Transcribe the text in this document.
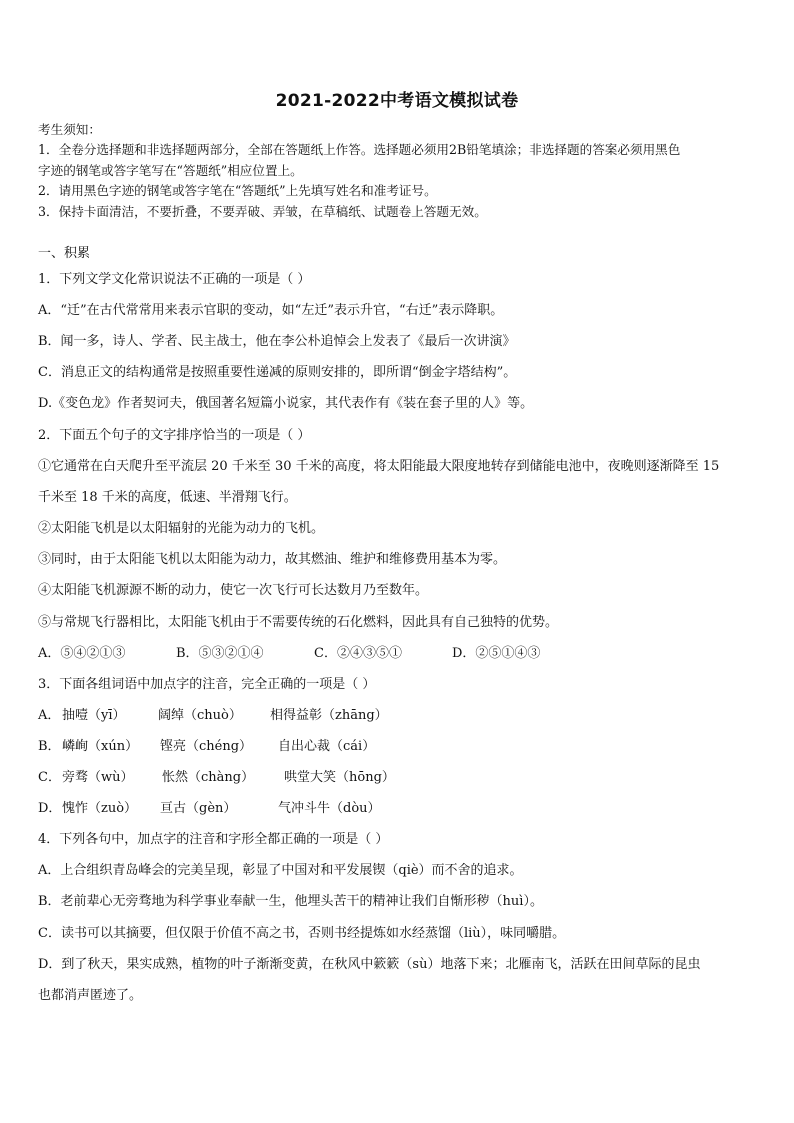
2021-2022中考语文模拟试卷
考生须知：
1．全卷分选择题和非选择题两部分，全部在答题纸上作答。选择题必须用2B铅笔填涂；非选择题的答案必须用黑色
字迹的钢笔或答字笔写在“答题纸”相应位置上。
2．请用黑色字迹的钢笔或答字笔在“答题纸”上先填写姓名和准考证号。
3．保持卡面清洁，不要折叠，不要弄破、弄皱，在草稿纸、试题卷上答题无效。
一、积累
1．下列文学文化常识说法不正确的一项是（ ）
A．“迁”在古代常常用来表示官职的变动，如“左迁”表示升官，“右迁”表示降职。
B．闻一多，诗人、学者、民主战士，他在李公朴追悼会上发表了《最后一次讲演》
C．消息正文的结构通常是按照重要性递减的原则安排的，即所谓“倒金字塔结构”。
D.《变色龙》作者契诃夫，俄国著名短篇小说家，其代表作有《装在套子里的人》等。
2．下面五个句子的文字排序恰当的一项是（ ）
①它通常在白天爬升至平流层 20 千米至 30 千米的高度，将太阳能最大限度地转存到储能电池中，夜晚则逐渐降至 15
千米至 18 千米的高度，低速、半滑翔飞行。
②太阳能飞机是以太阳辐射的光能为动力的飞机。
③同时，由于太阳能飞机以太阳能为动力，故其燃油、维护和维修费用基本为零。
④太阳能飞机源源不断的动力，使它一次飞行可长达数月乃至数年。
⑤与常规飞行器相比，太阳能飞机由于不需要传统的石化燃料，因此具有自己独特的优势。
A．⑤④②①③	B．⑤③②①④	C．②④③⑤①	D．②⑤①④③
3．下面各组词语中加点字的注音，完全正确的一项是（ ）
A． 抽噎（yī） 阔绰（chuò） 相得益彰（zhāng）
B． 嶙峋（xún） 铿亮（chéng） 自出心裁（cái）
C． 旁骛（wù） 怅然（chàng） 哄堂大笑（hōng）
D． 愧怍（zuò） 亘古（gèn）	气冲斗牛（dòu）
4．下列各句中，加点字的注音和字形全都正确的一项是（ ）
A．上合组织青岛峰会的完美呈现，彰显了中国对和平发展锲（qiè）而不舍的追求。
B．老前辈心无旁骛地为科学事业奉献一生，他埋头苦干的精神让我们自惭形秽（huì）。
C．读书可以其摘要，但仅限于价值不高之书，否则书经提炼如水经蒸馏（liù），味同嚼腊。
D．到了秋天，果实成熟，植物的叶子渐渐变黄，在秋风中簌簌（sù）地落下来；北雁南飞，活跃在田间草际的昆虫
也都消声匿迹了。
